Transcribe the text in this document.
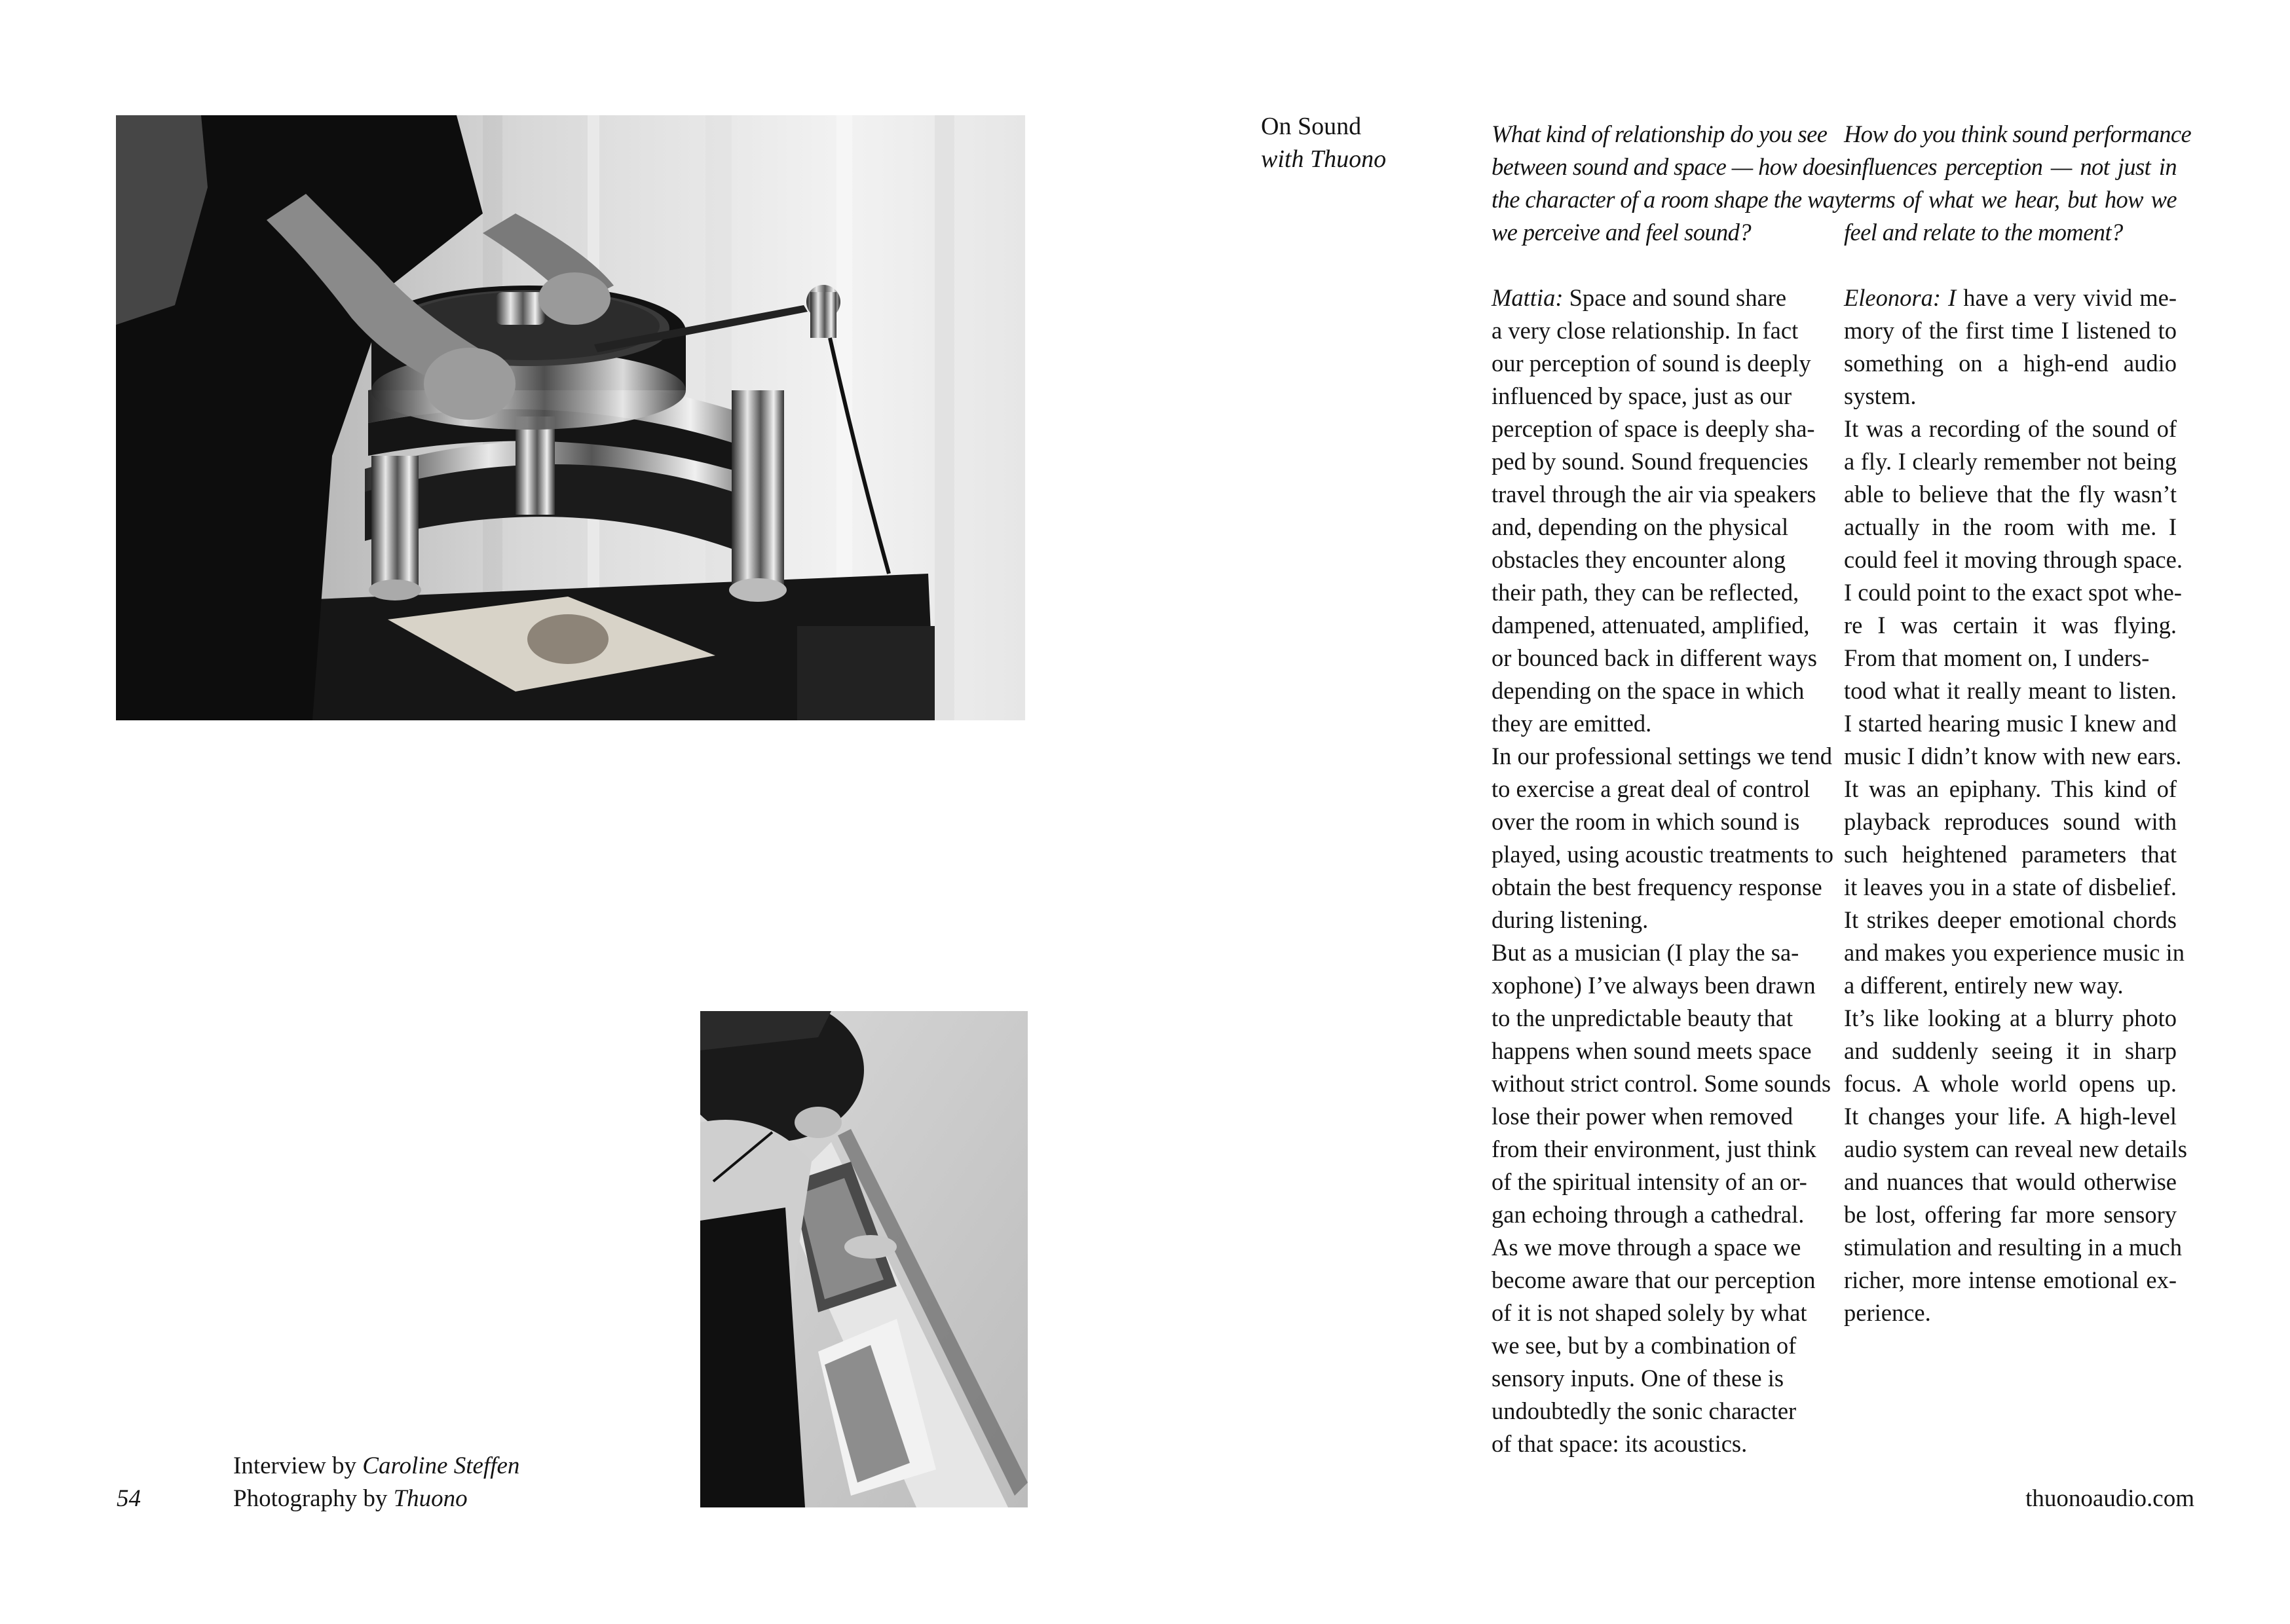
On Sound
with Thuono
What kind of relationship do you see
between sound and space — how does
the character of a room shape the way
we perceive and feel sound?
Mattia: Space and sound share
a very close relationship. In fact
our perception of sound is deeply
influenced by space, just as our
perception of space is deeply sha-
ped by sound. Sound frequencies
travel through the air via speakers
and, depending on the physical
obstacles they encounter along
their path, they can be reflected,
dampened, attenuated, amplified,
or bounced back in different ways
depending on the space in which
they are emitted.
In our professional settings we tend
to exercise a great deal of control
over the room in which sound is
played, using acoustic treatments to
obtain the best frequency response
during listening.
But as a musician (I play the sa-
xophone) I’ve always been drawn
to the unpredictable beauty that
happens when sound meets space
without strict control. Some sounds
lose their power when removed
from their environment, just think
of the spiritual intensity of an or-
gan echoing through a cathedral.
As we move through a space we
become aware that our perception
of it is not shaped solely by what
we see, but by a combination of
sensory inputs. One of these is
undoubtedly the sonic character
of that space: its acoustics.
How do you think sound performance
influences perception — not just in
terms of what we hear, but how we
feel and relate to the moment?
Eleonora: I have a very vivid me-
mory of the first time I listened to
something on a high-end audio
system.
It was a recording of the sound of
a fly. I clearly remember not being
able to believe that the fly wasn’t
actually in the room with me. I
could feel it moving through space.
I could point to the exact spot whe-
re I was certain it was flying.
From that moment on, I unders-
tood what it really meant to listen.
I started hearing music I knew and
music I didn’t know with new ears.
It was an epiphany. This kind of
playback reproduces sound with
such heightened parameters that
it leaves you in a state of disbelief.
It strikes deeper emotional chords
and makes you experience music in
a different, entirely new way.
It’s like looking at a blurry photo
and suddenly seeing it in sharp
focus. A whole world opens up.
It changes your life. A high-level
audio system can reveal new details
and nuances that would otherwise
be lost, offering far more sensory
stimulation and resulting in a much
richer, more intense emotional ex-
perience.
Interview by Caroline Steffen
Photography by Thuono
54	thuonoaudio.com
